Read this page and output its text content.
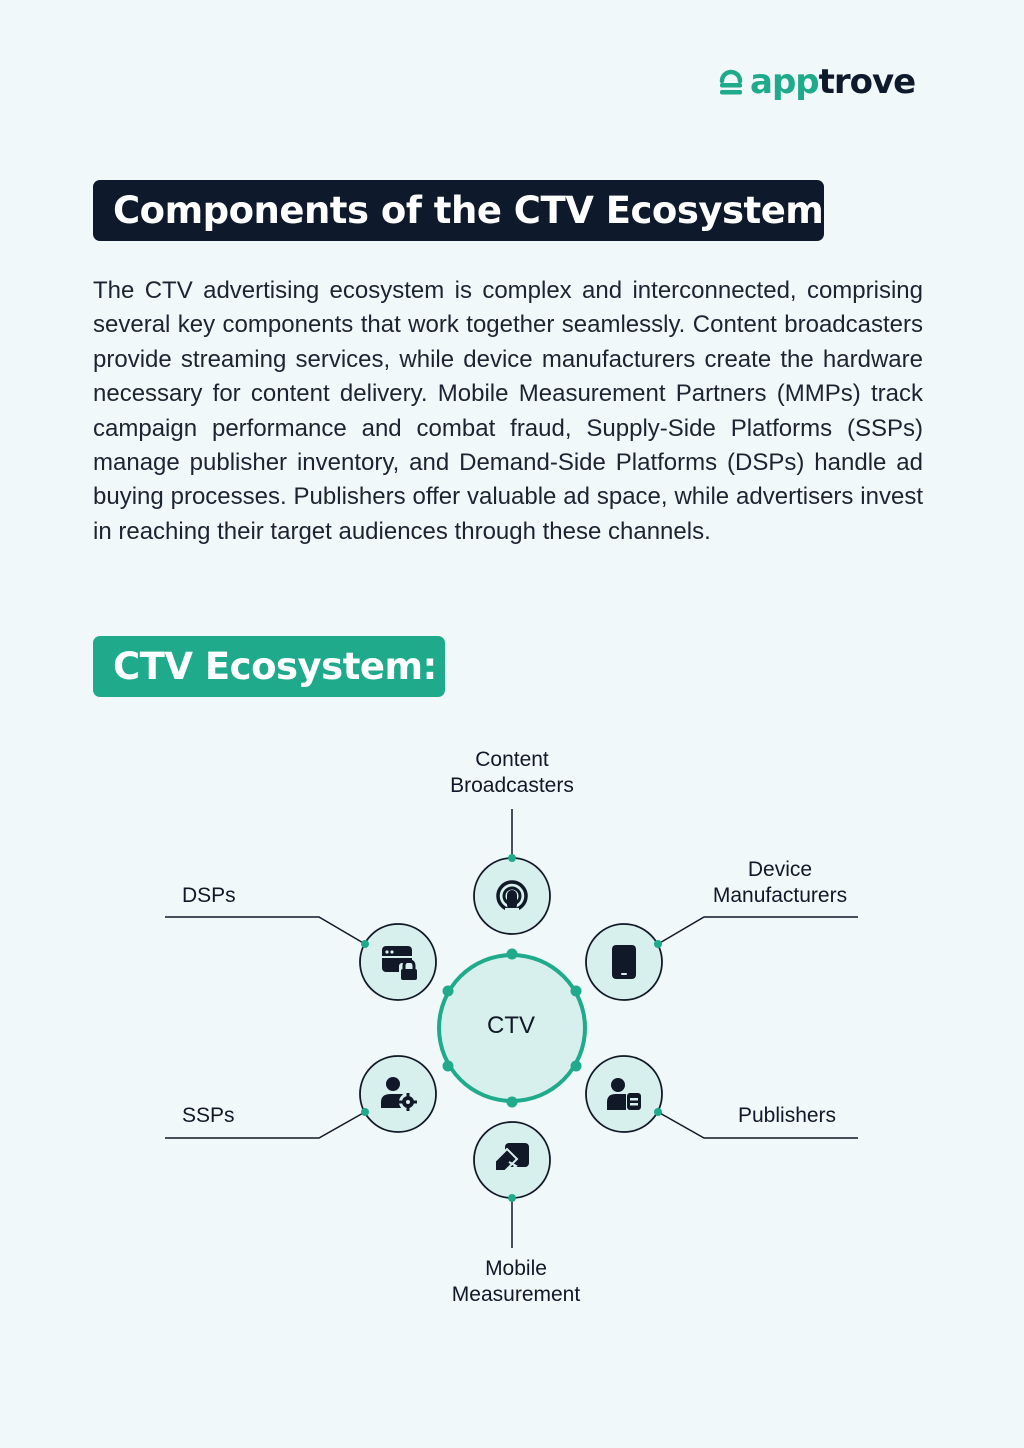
apptrove
Components of the CTV Ecosystem

The CTV advertising ecosystem is complex and interconnected, comprising several key components that work together seamlessly. Content broadcasters provide streaming services, while device manufacturers create the hardware necessary for content delivery. Mobile Measurement Partners (MMPs) track campaign performance and combat fraud, Supply-Side Platforms (SSPs) manage publisher inventory, and Demand-Side Platforms (DSPs) handle ad buying processes. Publishers offer valuable ad space, while advertisers invest in reaching their target audiences through these channels.

CTV Ecosystem:
CTV
Content
Broadcasters
Device
Manufacturers
Publishers
Mobile
Measurement
SSPs
DSPs
